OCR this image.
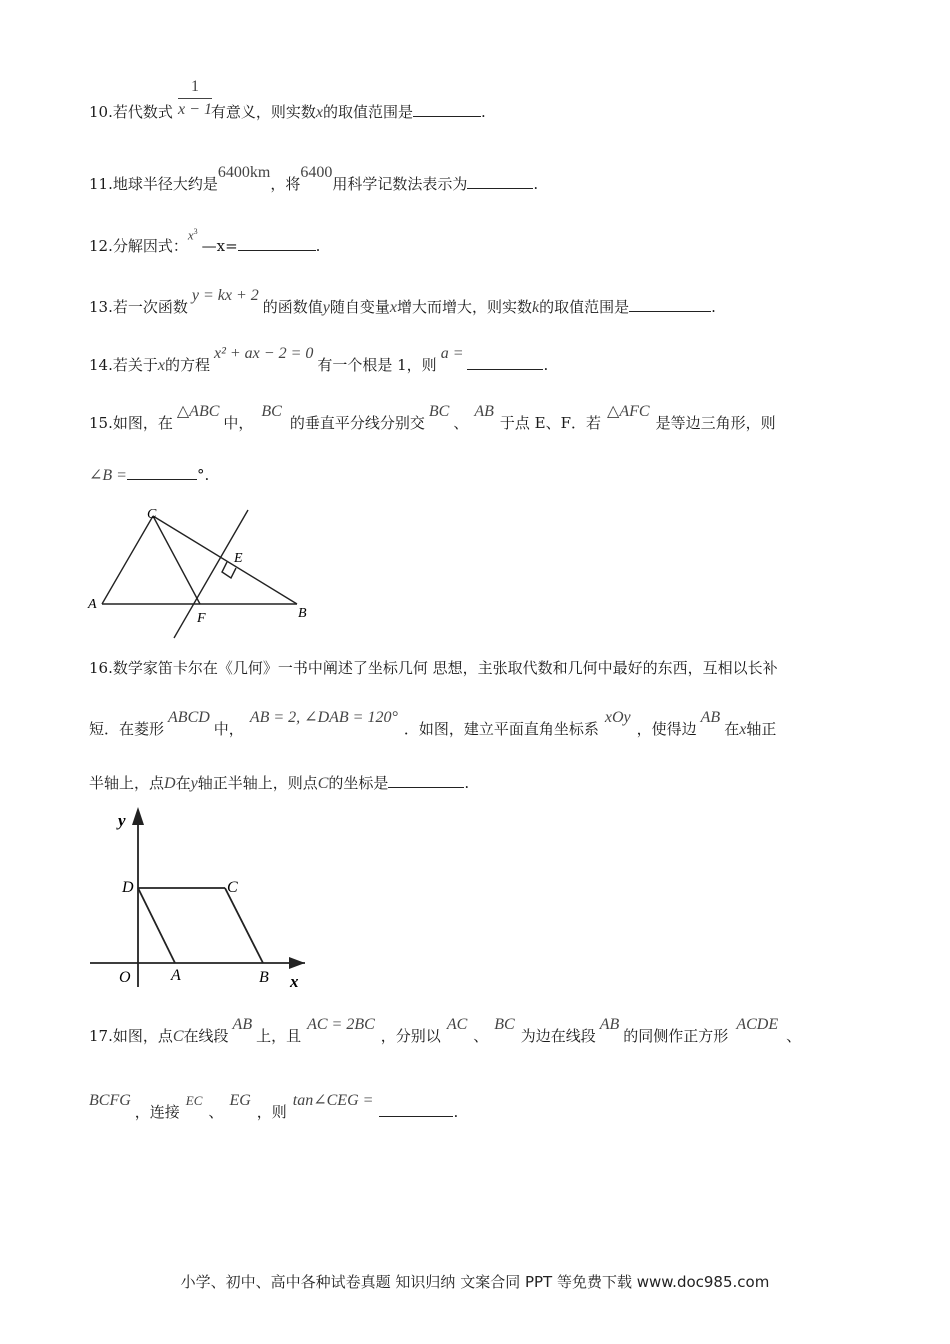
$\frac{1}{x - 1}$
10.若代数式	有意义，则实数x的取值范围是	.
11.地球半径大约是6400km，将6400用科学记数法表示为	.
12.分解因式：$x^3—x=$	.
13.若一次函数y = kx + 2的函数值y随自变量x增大而增大，则实数k的取值范围是	.
14.若关于x的方程x² + ax − 2 = 0有一个根是 1，则a =.
15.如图，在△ABC中，BC的垂直平分线分别交BC、AB于点 E、F．若△AFC是等边三角形，则
∠B =	°.
C
E
A
F	B
16.数学家笛卡尔在《几何》一书中阐述了坐标几何 思想，主张取代数和几何中最好的东西，互相以长补
短．在菱形ABCD中，AB = 2, ∠DAB = 120°．如图，建立平面直角坐标系xOy，使得边AB在x轴正
半轴上，点D在y轴正半轴上，则点C的坐标是	.
y
D	C
O	A	B x
17.如图，点C在线段AB上，且AC = 2BC，分别以AC、BC为边在线段AB的同侧作正方形ACDE、
BCFG，连接EC、EG，则tan∠CEG =.
小学、初中、高中各种试卷真题 知识归纳 文案合同 PPT 等免费下载 www.doc985.com
